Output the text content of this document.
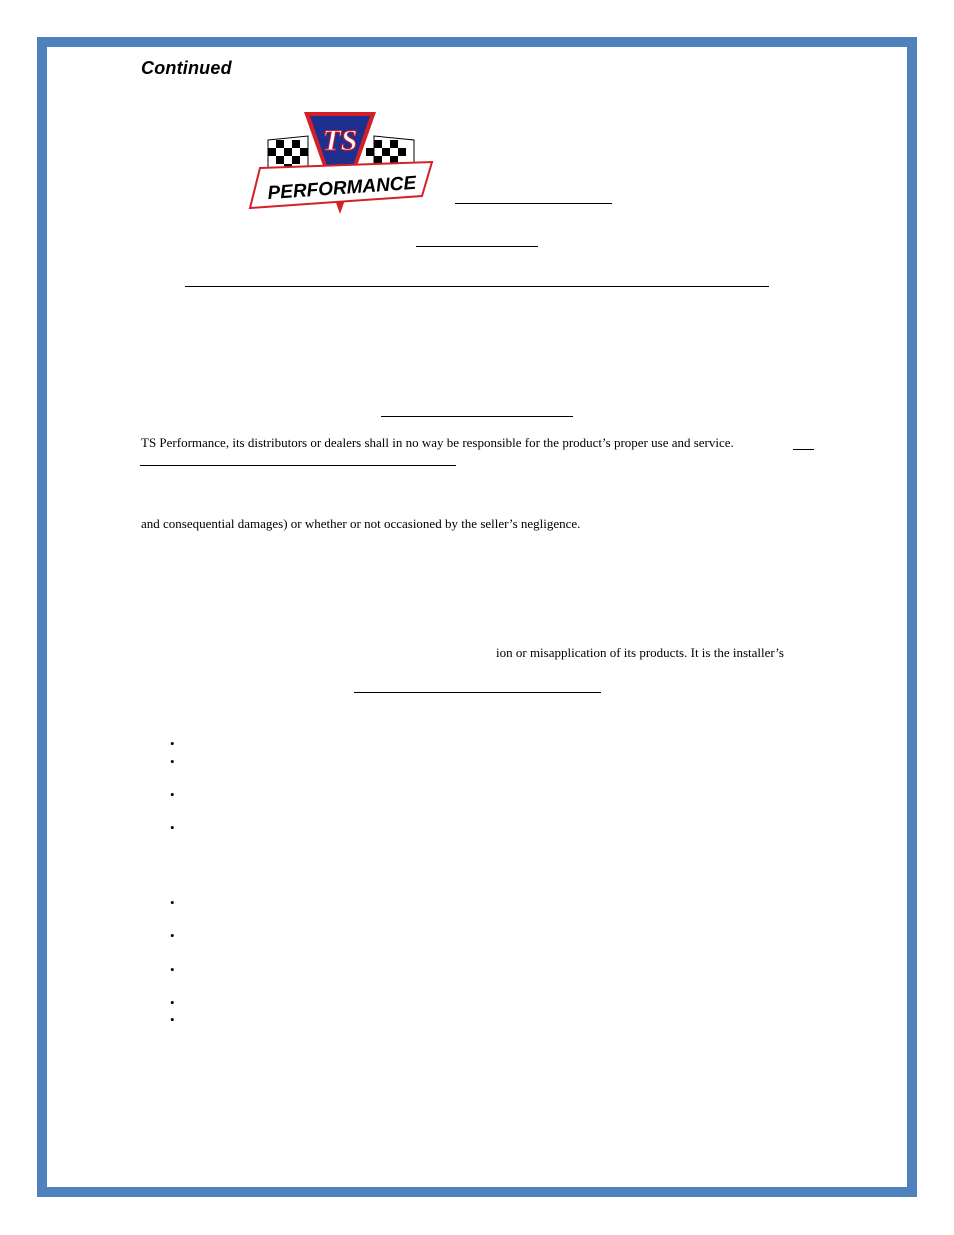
Continued
TS
PERFORMANCE
TS Performance, its distributors or dealers shall in no way be responsible for the product’s proper use and service.
and consequential damages) or whether or not occasioned by the seller’s negligence.
ion or misapplication of its products. It is the installer’s
•
•
•
•
•
•
•
•
•
